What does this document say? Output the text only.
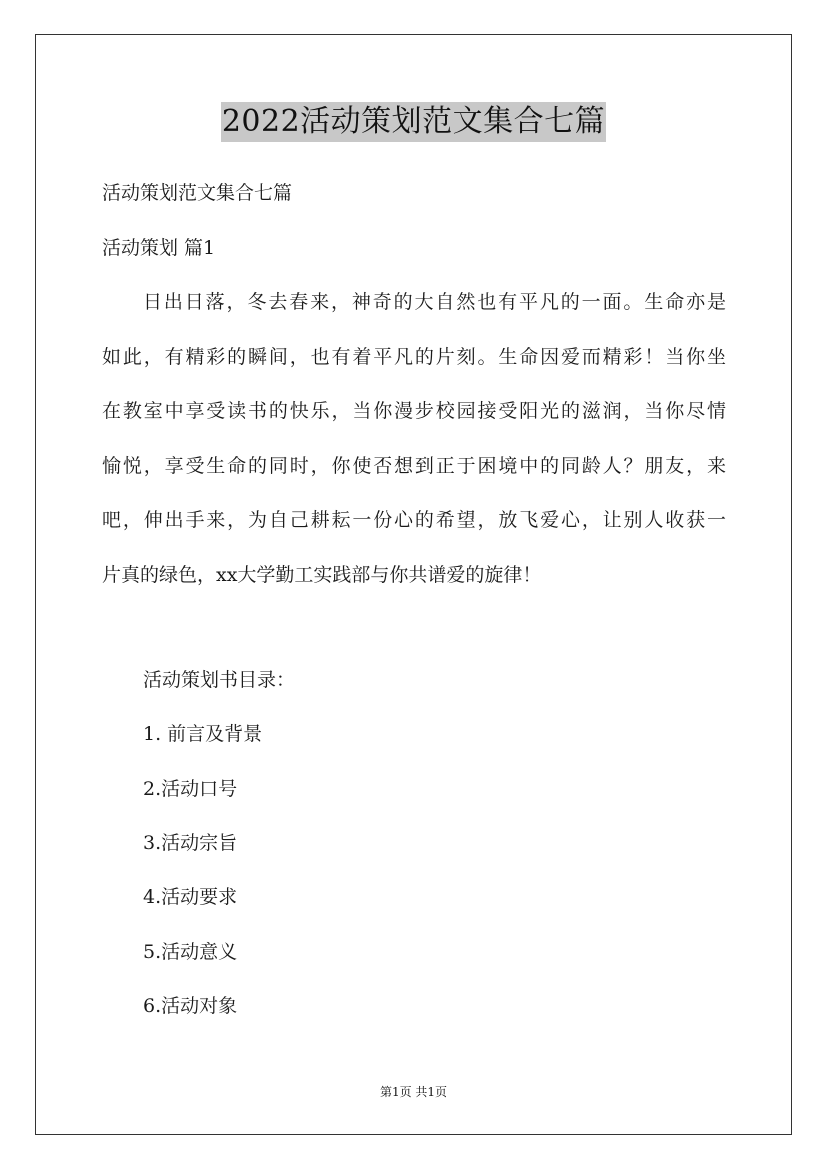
2022活动策划范文集合七篇
活动策划范文集合七篇
活动策划 篇1
日出日落，冬去春来，神奇的大自然也有平凡的一面。生命亦是
如此，有精彩的瞬间，也有着平凡的片刻。生命因爱而精彩！当你坐
在教室中享受读书的快乐，当你漫步校园接受阳光的滋润，当你尽情
愉悦，享受生命的同时，你使否想到正于困境中的同龄人？朋友，来
吧，伸出手来，为自己耕耘一份心的希望，放飞爱心，让别人收获一
片真的绿色，xx大学勤工实践部与你共谱爱的旋律！
活动策划书目录：
1. 前言及背景
2.活动口号
3.活动宗旨
4.活动要求
5.活动意义
6.活动对象
第1页 共1页
